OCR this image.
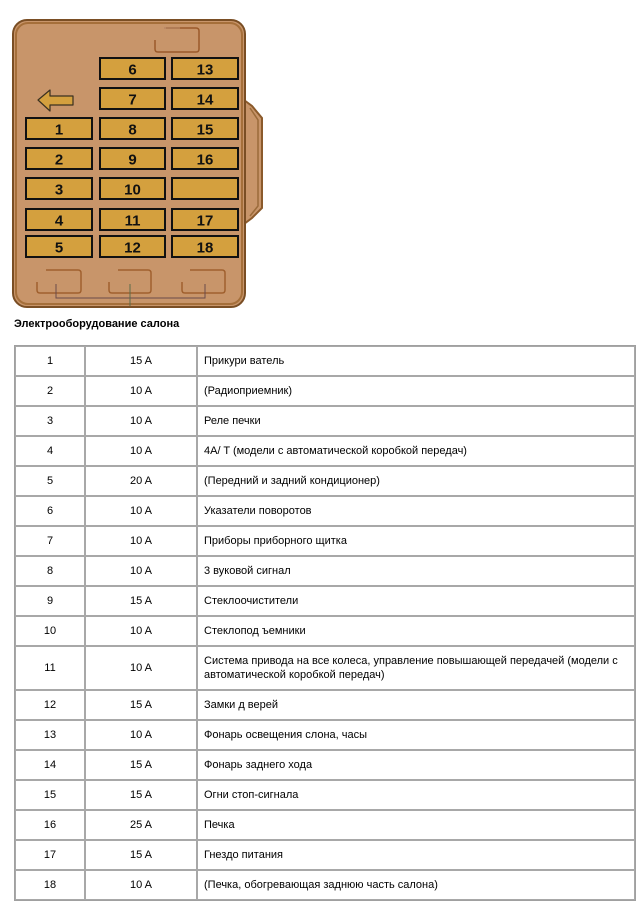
6	13
7	14
1	8	15
2	9	16
3	10
4	11	17
5	12	18
Электрооборудование салона
1	15 A	Прикури ватель
2	10 A	(Радиоприемник)
3	10 A	Реле печки
4	10 A	4A/ T (модели с автоматической коробкой передач)
5	20 A	(Передний и задний кондиционер)
6	10 A	Указатели поворотов
7	10 A	Приборы приборного щитка
8	10 A	3 вуковой сигнал
9	15 A	Стеклоочистители
10	10 A	Стеклопод ъемники
11	10 A	Система привода на все колеса, управление повышающей передачей (модели с автоматической коробкой передач)
12	15 A	Замки д верей
13	10 A	Фонарь освещения слона, часы
14	15 A	Фонарь заднего хода
15	15 A	Огни стоп-сигнала
16	25 A	Печка
17	15 A	Гнездо питания
18	10 A	(Печка, обогревающая заднюю часть салона)
